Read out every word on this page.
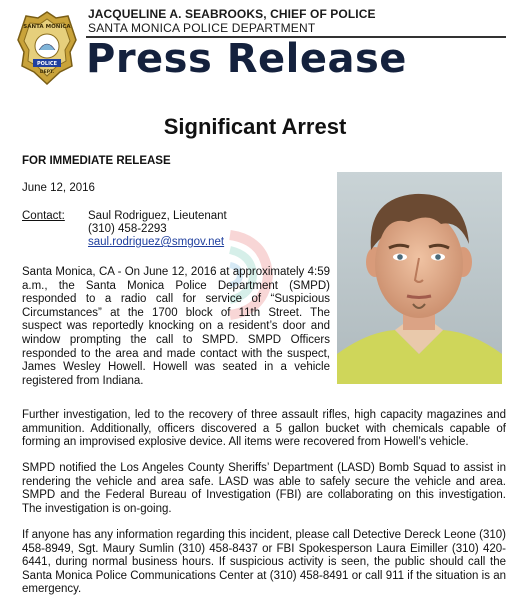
SANTA MONICA
POLICE
DEPT.
JACQUELINE A. SEABROOKS, CHIEF OF POLICE
SANTA MONICA POLICE DEPARTMENT
Press Release
Significant Arrest
FOR IMMEDIATE RELEASE
June 12, 2016
Contact: Saul Rodriguez, Lieutenant
(310) 458-2293
saul.rodriguez@smgov.net
Santa Monica, CA - On June 12, 2016 at approximately 4:59 a.m., the Santa Monica Police Department (SMPD) responded to a radio call for service of “Suspicious Circumstances” at the 1700 block of 11th Street. The suspect was reportedly knocking on a resident’s door and window prompting the call to SMPD. SMPD Officers responded to the area and made contact with the suspect, James Wesley Howell. Howell was seated in a vehicle registered from Indiana.
Further investigation, led to the recovery of three assault rifles, high capacity magazines and ammunition. Additionally, officers discovered a 5 gallon bucket with chemicals capable of forming an improvised explosive device. All items were recovered from Howell’s vehicle.
SMPD notified the Los Angeles County Sheriffs’ Department (LASD) Bomb Squad to assist in rendering the vehicle and area safe. LASD was able to safely secure the vehicle and area. SMPD and the Federal Bureau of Investigation (FBI) are collaborating on this investigation. The investigation is on-going.
If anyone has any information regarding this incident, please call Detective Dereck Leone (310) 458-8949, Sgt. Maury Sumlin (310) 458-8437 or FBI Spokesperson Laura Eimiller (310) 420-6441, during normal business hours. If suspicious activity is seen, the public should call the Santa Monica Police Communications Center at (310) 458-8491 or call 911 if the situation is an emergency.
